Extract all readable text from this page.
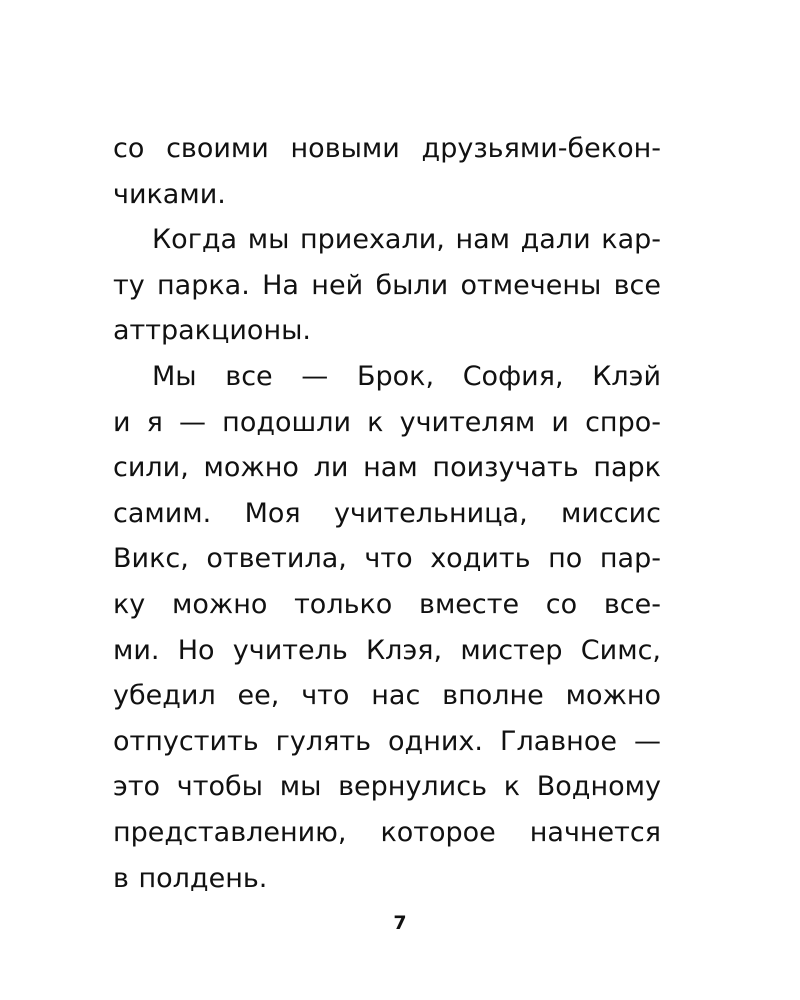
со своими новыми друзьями-бекон-
чиками.
Когда мы приехали, нам дали кар-
ту парка. На ней были отмечены все
аттракционы.
Мы все — Брок, София, Клэй
и я — подошли к учителям и спро-
сили, можно ли нам поизучать парк
самим. Моя учительница, миссис
Викс, ответила, что ходить по пар-
ку можно только вместе со все-
ми. Но учитель Клэя, мистер Симс,
убедил ее, что нас вполне можно
отпустить гулять одних. Главное —
это чтобы мы вернулись к Водному
представлению, которое начнется
в полдень.
7
